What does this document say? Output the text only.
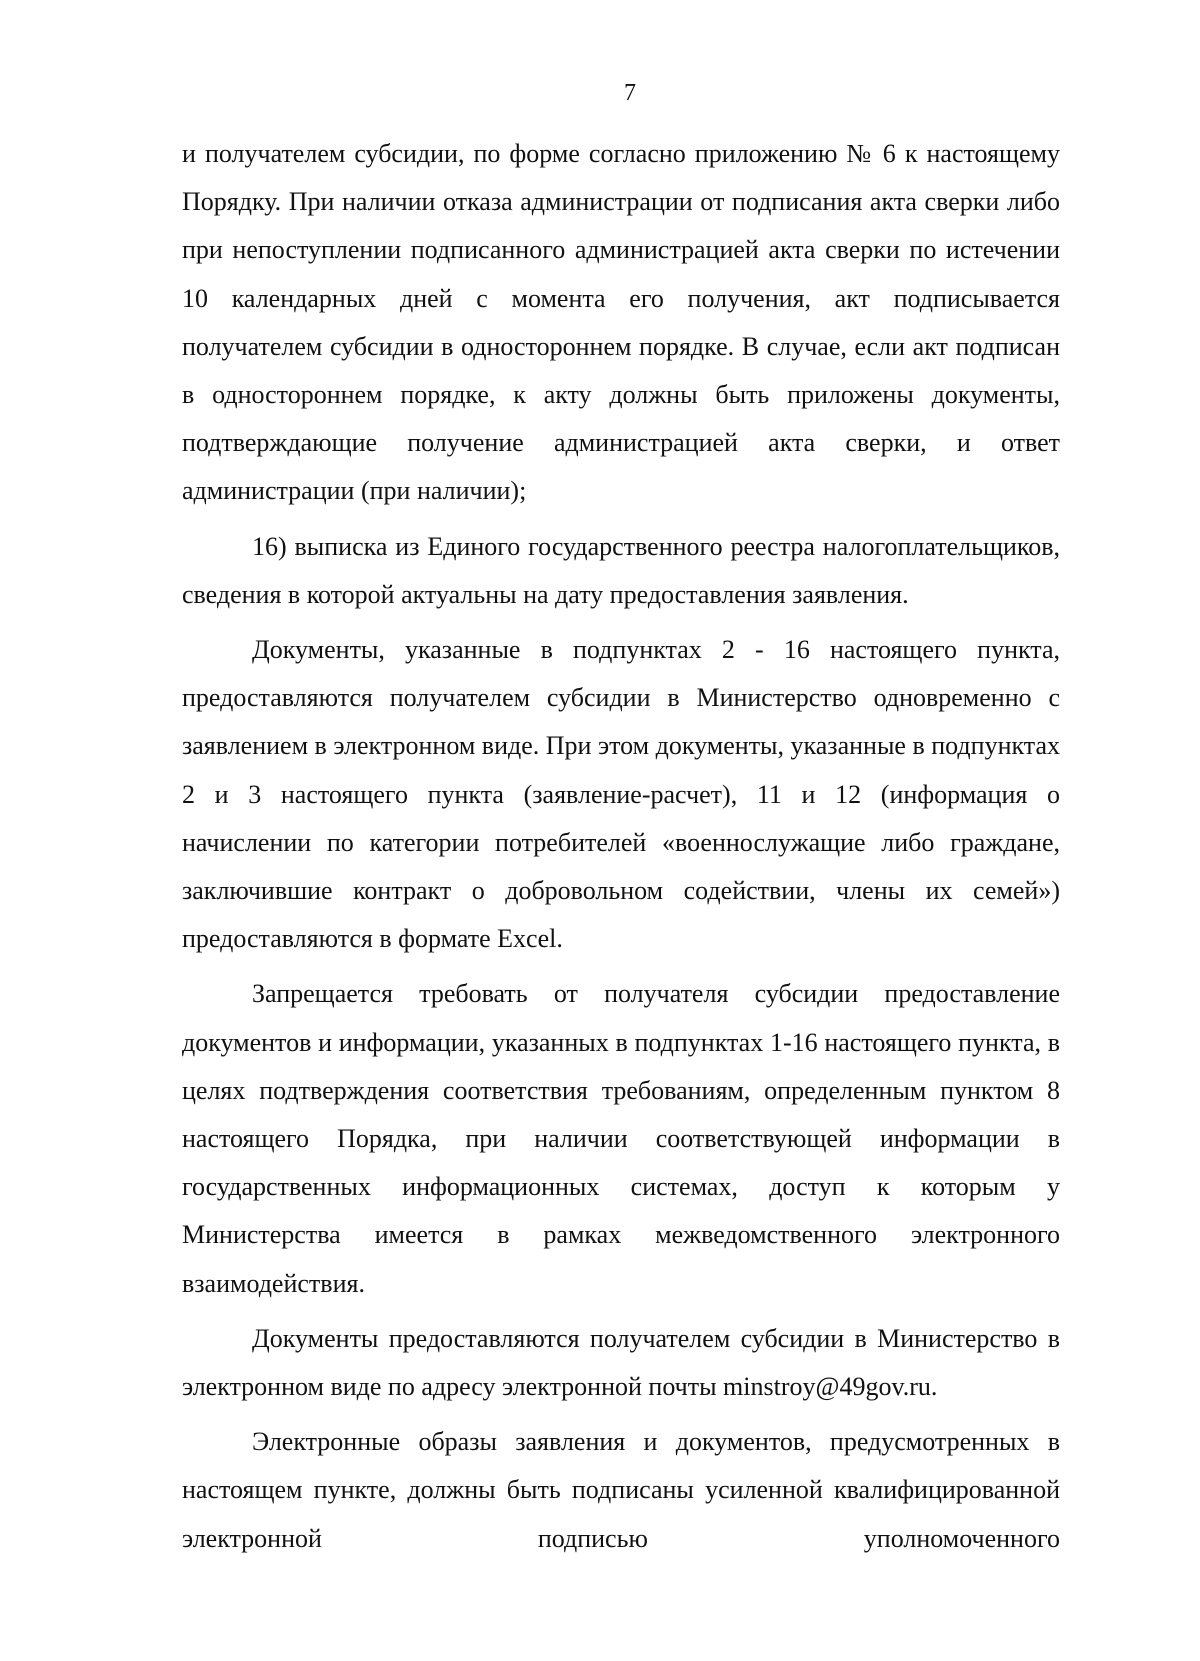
7

и получателем субсидии, по форме согласно приложению № 6 к настоящему Порядку. При наличии отказа администрации от подписания акта сверки либо при непоступлении подписанного администрацией акта сверки по истечении 10 календарных дней с момента его получения, акт подписывается получателем субсидии в одностороннем порядке. В случае, если акт подписан в одностороннем порядке, к акту должны быть приложены документы, подтверждающие получение администрацией акта сверки, и ответ администрации (при наличии);

16) выписка из Единого государственного реестра налогоплательщиков, сведения в которой актуальны на дату предоставления заявления.

Документы, указанные в подпунктах 2 - 16 настоящего пункта, предоставляются получателем субсидии в Министерство одновременно с заявлением в электронном виде. При этом документы, указанные в подпунктах 2 и 3 настоящего пункта (заявление-расчет), 11 и 12 (информация о начислении по категории потребителей «военнослужащие либо граждане, заключившие контракт о добровольном содействии, члены их семей») предоставляются в формате Excel.

Запрещается требовать от получателя субсидии предоставление документов и информации, указанных в подпунктах 1-16 настоящего пункта, в целях подтверждения соответствия требованиям, определенным пунктом 8 настоящего Порядка, при наличии соответствующей информации в государственных информационных системах, доступ к которым у Министерства имеется в рамках межведомственного электронного взаимодействия.

Документы предоставляются получателем субсидии в Министерство в электронном виде по адресу электронной почты minstroy@49gov.ru.

Электронные образы заявления и документов, предусмотренных в настоящем пункте, должны быть подписаны усиленной квалифицированной электронной подписью уполномоченного
